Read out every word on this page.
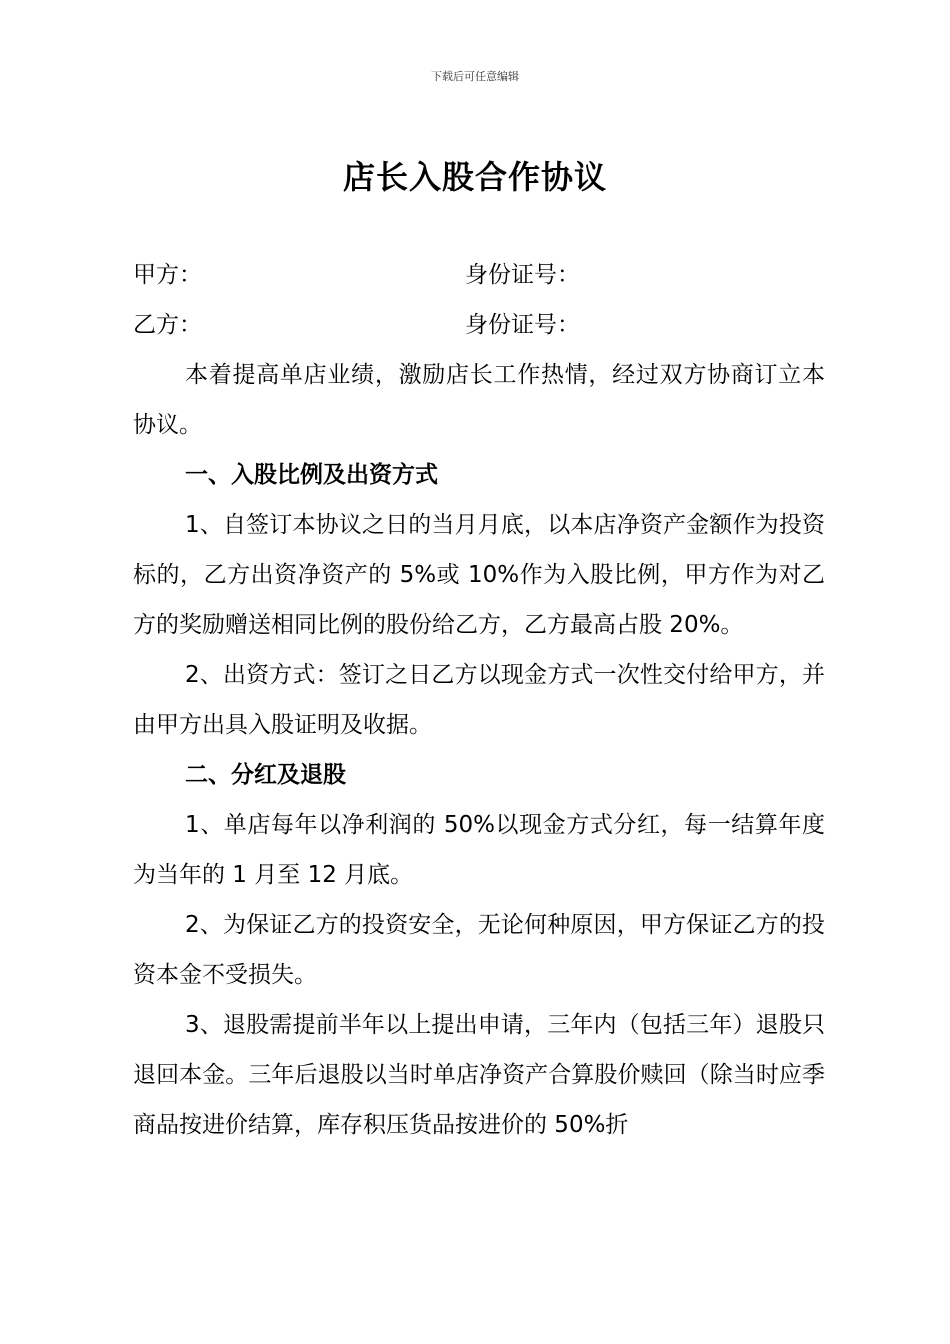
下载后可任意编辑
店长入股合作协议
甲方：	身份证号：
乙方：	身份证号：

本着提高单店业绩，激励店长工作热情，经过双方协商订立本协议。

一、入股比例及出资方式

1、自签订本协议之日的当月月底，以本店净资产金额作为投资标的，乙方出资净资产的 5%或 10%作为入股比例，甲方作为对乙方的奖励赠送相同比例的股份给乙方，乙方最高占股 20%。

2、出资方式：签订之日乙方以现金方式一次性交付给甲方，并由甲方出具入股证明及收据。

二、分红及退股

1、单店每年以净利润的 50%以现金方式分红，每一结算年度为当年的 1 月至 12 月底。

2、为保证乙方的投资安全，无论何种原因，甲方保证乙方的投资本金不受损失。

3、退股需提前半年以上提出申请，三年内（包括三年）退股只退回本金。三年后退股以当时单店净资产合算股价赎回（除当时应季商品按进价结算，库存积压货品按进价的 50%折
